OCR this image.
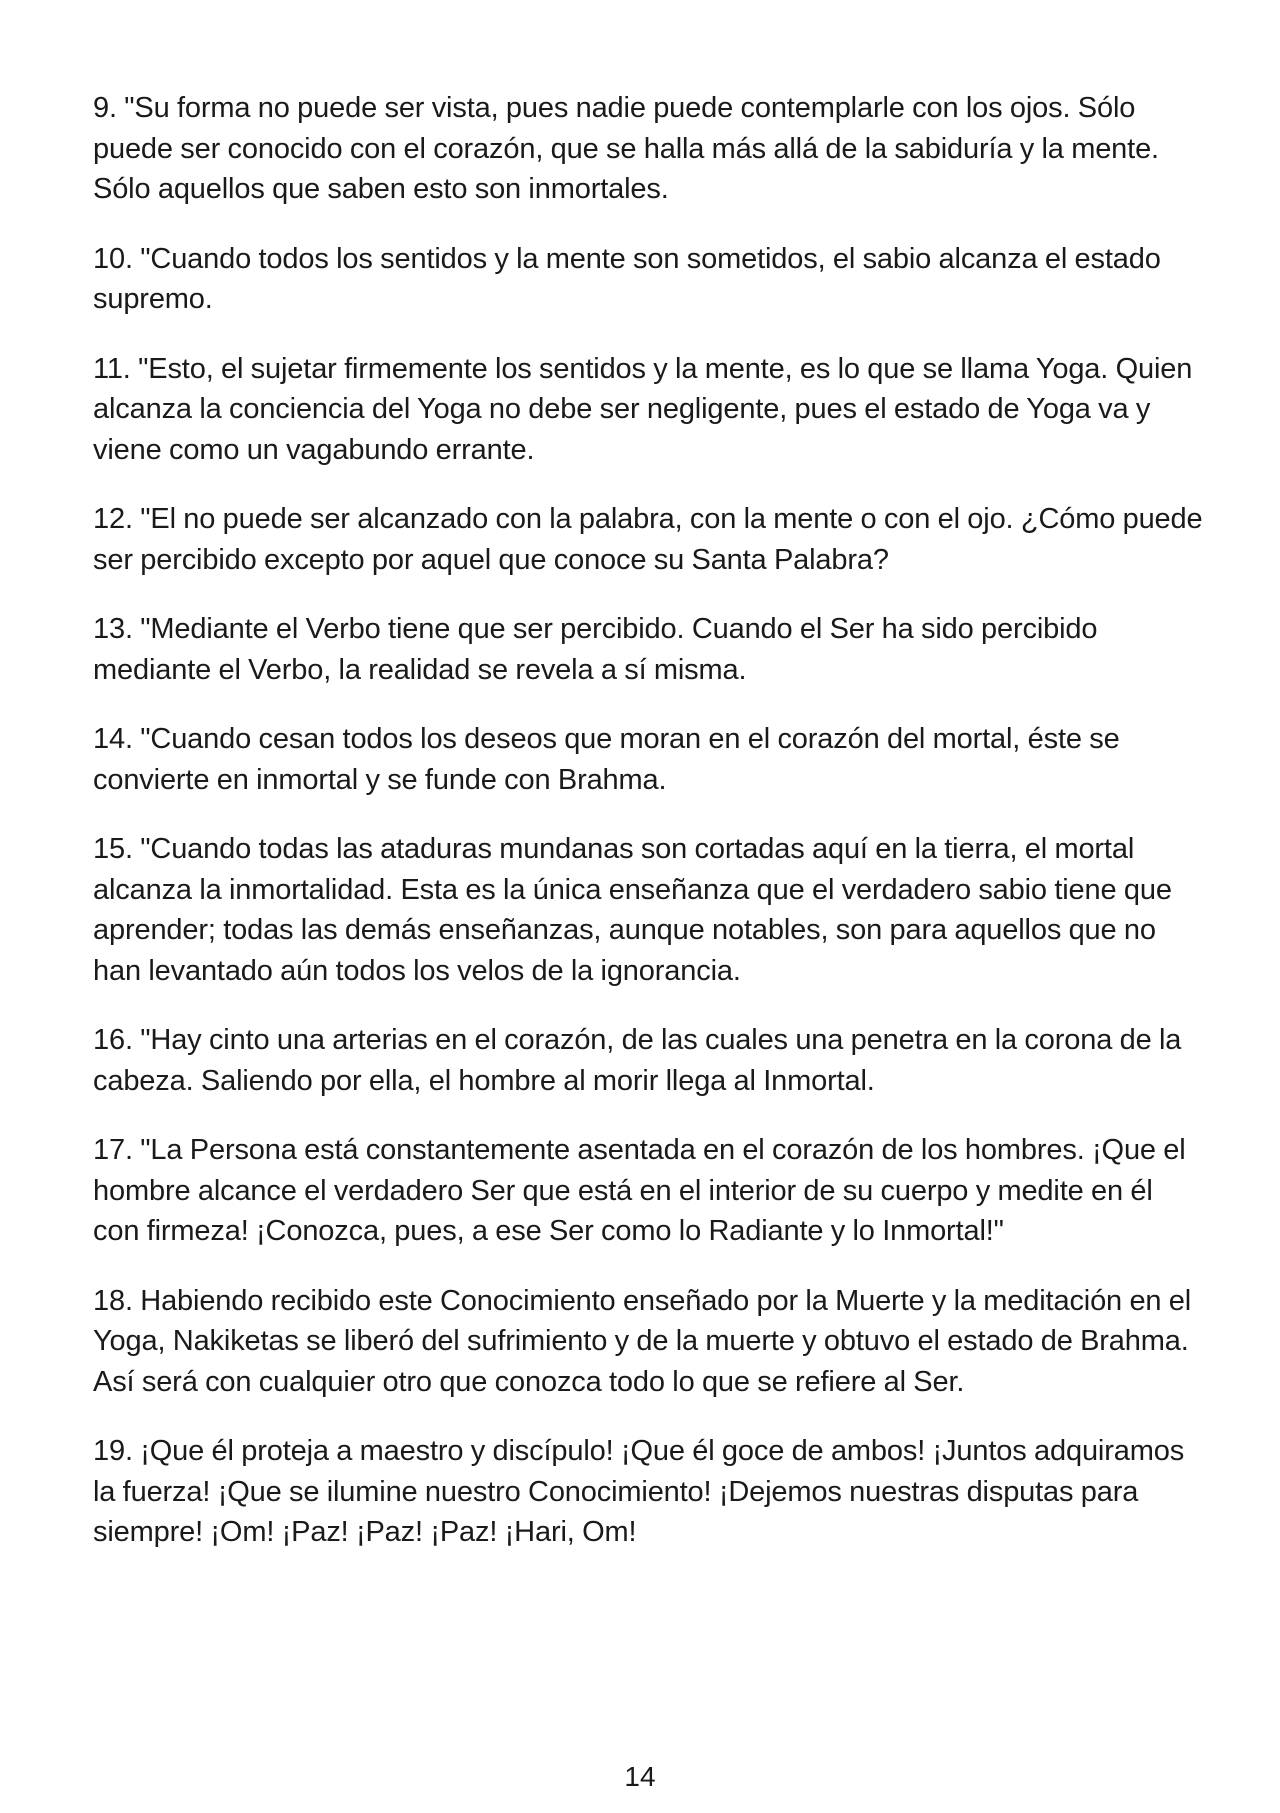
9. "Su forma no puede ser vista, pues nadie puede contemplarle con los ojos. Sólo puede ser conocido con el corazón, que se halla más allá de la sabiduría y la mente. Sólo aquellos que saben esto son inmortales.

10. "Cuando todos los sentidos y la mente son sometidos, el sabio alcanza el estado supremo.

11. "Esto, el sujetar firmemente los sentidos y la mente, es lo que se llama Yoga. Quien alcanza la conciencia del Yoga no debe ser negligente, pues el estado de Yoga va y viene como un vagabundo errante.

12. "El no puede ser alcanzado con la palabra, con la mente o con el ojo. ¿Cómo puede ser percibido excepto por aquel que conoce su Santa Palabra?

13. "Mediante el Verbo tiene que ser percibido. Cuando el Ser ha sido percibido mediante el Verbo, la realidad se revela a sí misma.

14. "Cuando cesan todos los deseos que moran en el corazón del mortal, éste se convierte en inmortal y se funde con Brahma.

15. "Cuando todas las ataduras mundanas son cortadas aquí en la tierra, el mortal alcanza la inmortalidad. Esta es la única enseñanza que el verdadero sabio tiene que aprender; todas las demás enseñanzas, aunque notables, son para aquellos que no han levantado aún todos los velos de la ignorancia.

16. "Hay cinto una arterias en el corazón, de las cuales una penetra en la corona de la cabeza. Saliendo por ella, el hombre al morir llega al Inmortal.

17. "La Persona está constantemente asentada en el corazón de los hombres. ¡Que el hombre alcance el verdadero Ser que está en el interior de su cuerpo y medite en él con firmeza! ¡Conozca, pues, a ese Ser como lo Radiante y lo Inmortal!"

18. Habiendo recibido este Conocimiento enseñado por la Muerte y la meditación en el Yoga, Nakiketas se liberó del sufrimiento y de la muerte y obtuvo el estado de Brahma. Así será con cualquier otro que conozca todo lo que se refiere al Ser.

19. ¡Que él proteja a maestro y discípulo! ¡Que él goce de ambos! ¡Juntos adquiramos la fuerza! ¡Que se ilumine nuestro Conocimiento! ¡Dejemos nuestras disputas para siempre! ¡Om! ¡Paz! ¡Paz! ¡Paz! ¡Hari, Om!

14
